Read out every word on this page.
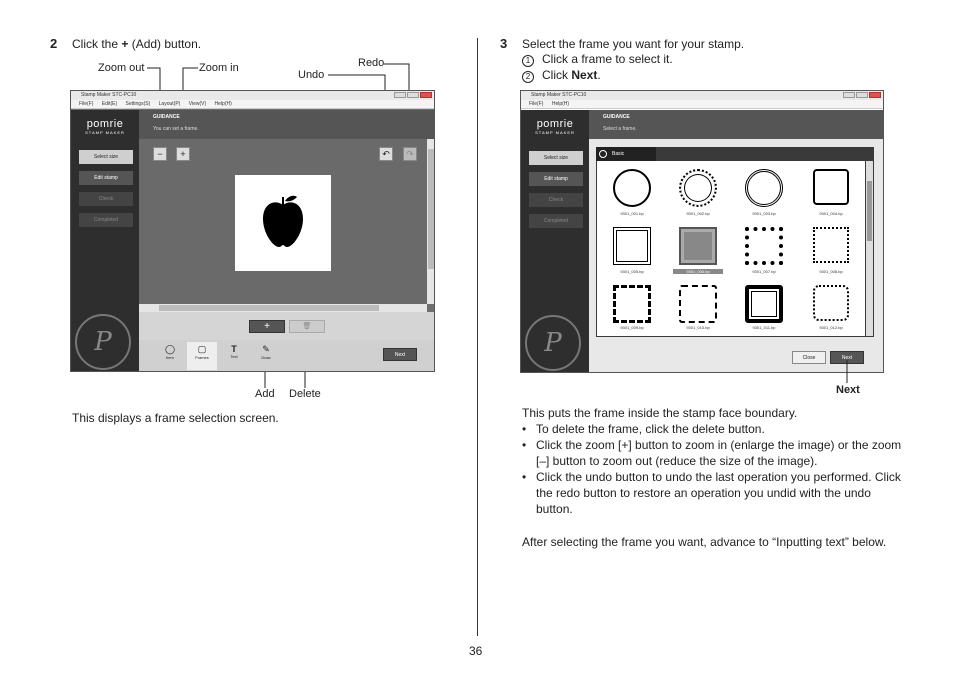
2 Click the + (Add) button.
Zoom out	Zoom in
Undo
Redo
Stamp Maker STC-PC10
File(F) Edit(E) Settings(S) Layout(P) View(V) Help(H)
pomrie
STAMP MAKER
Select size
Edit stamp
Check
Completed
P
GUIDANCE
You can set a frame.
−	+	↶	↷
+	🗑
◯
Item
▢
Frames
T
Text
✎
Draw	Next
Add Delete
This displays a frame selection screen.
3 Select the frame you want for your stamp.
1 Click a frame to select it.
2 Click Next.
Stamp Maker STC-PC10
File(F) Help(H)
pomrie
STAMP MAKER
Select size
Edit stamp
Check
Completed
P
GUIDANCE
Select a frame.
Basic
9301_001.bp	9301_002.bp	9301_003.bp	9301_004.bp
9301_005.bp	9301_006.bp	9301_007.bp	9301_008.bp
9301_009.bp	9301_010.bp	9301_011.bp	9301_012.bp
Close	Next
Next
This puts the frame inside the stamp face boundary.
• To delete the frame, click the delete button.
• Click the zoom [+] button to zoom in (enlarge the image) or the zoom [–] button to zoom out (reduce the size of the image).
• Click the undo button to undo the last operation you performed. Click the redo button to restore an operation you undid with the undo button.
After selecting the frame you want, advance to “Inputting text” below.
36
